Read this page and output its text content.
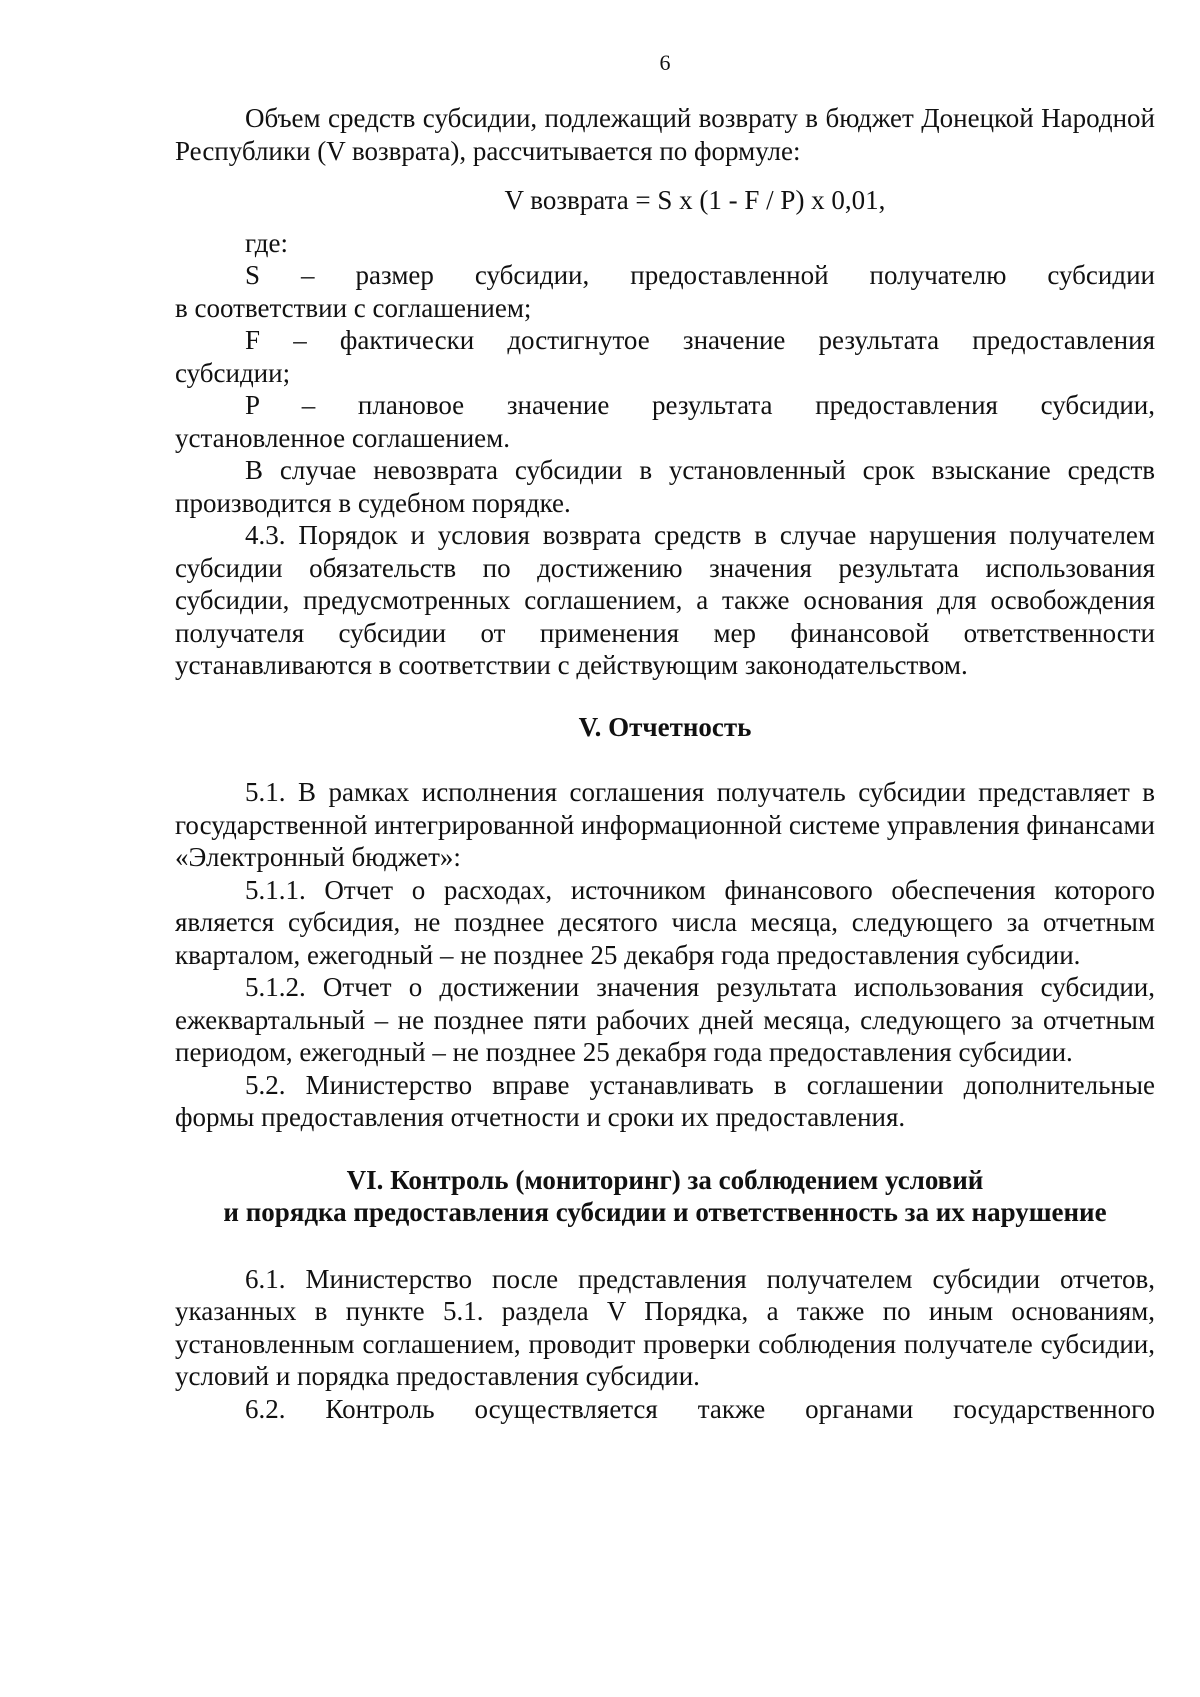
6

Объем средств субсидии, подлежащий возврату в бюджет Донецкой Народной Республики (V возврата), рассчитывается по формуле:

V возврата = S x (1 - F / P) x 0,01,

где:

S – размер субсидии, предоставленной получателю субсидии

в соответствии с соглашением;

F – фактически достигнутое значение результата предоставления

субсидии;

P – плановое значение результата предоставления субсидии,

установленное соглашением.

В случае невозврата субсидии в установленный срок взыскание средств производится в судебном порядке.

4.3. Порядок и условия возврата средств в случае нарушения получателем субсидии обязательств по достижению значения результата использования субсидии, предусмотренных соглашением, а также основания для освобождения получателя субсидии от применения мер финансовой ответственности устанавливаются в соответствии с действующим законодательством.

V. Отчетность

5.1. В рамках исполнения соглашения получатель субсидии представляет в государственной интегрированной информационной системе управления финансами «Электронный бюджет»:

5.1.1. Отчет о расходах, источником финансового обеспечения которого является субсидия, не позднее десятого числа месяца, следующего за отчетным кварталом, ежегодный – не позднее 25 декабря года предоставления субсидии.

5.1.2. Отчет о достижении значения результата использования субсидии, ежеквартальный – не позднее пяти рабочих дней месяца, следующего за отчетным периодом, ежегодный – не позднее 25 декабря года предоставления субсидии.

5.2. Министерство вправе устанавливать в соглашении дополнительные формы предоставления отчетности и сроки их предоставления.

VI. Контроль (мониторинг) за соблюдением условий
и порядка предоставления субсидии и ответственность за их нарушение

6.1. Министерство после представления получателем субсидии отчетов, указанных в пункте 5.1. раздела V Порядка, а также по иным основаниям, установленным соглашением, проводит проверки соблюдения получателе субсидии, условий и порядка предоставления субсидии.

6.2. Контроль осуществляется также органами государственного
